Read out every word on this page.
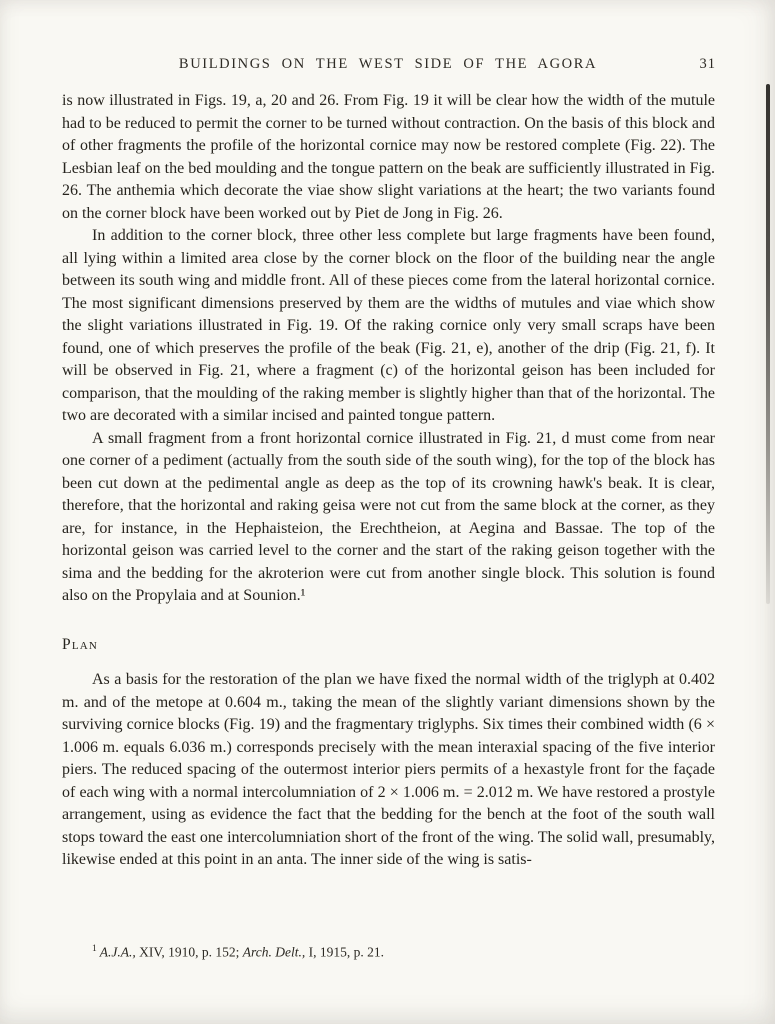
BUILDINGS ON THE WEST SIDE OF THE AGORA	31

is now illustrated in Figs. 19, a, 20 and 26. From Fig. 19 it will be clear how the width of the mutule had to be reduced to permit the corner to be turned without contraction. On the basis of this block and of other fragments the profile of the horizontal cornice may now be restored complete (Fig. 22). The Lesbian leaf on the bed moulding and the tongue pattern on the beak are sufficiently illustrated in Fig. 26. The anthemia which decorate the viae show slight variations at the heart; the two variants found on the corner block have been worked out by Piet de Jong in Fig. 26.

In addition to the corner block, three other less complete but large fragments have been found, all lying within a limited area close by the corner block on the floor of the building near the angle between its south wing and middle front. All of these pieces come from the lateral horizontal cornice. The most significant dimensions preserved by them are the widths of mutules and viae which show the slight variations illustrated in Fig. 19. Of the raking cornice only very small scraps have been found, one of which preserves the profile of the beak (Fig. 21, e), another of the drip (Fig. 21, f). It will be observed in Fig. 21, where a fragment (c) of the horizontal geison has been included for comparison, that the moulding of the raking member is slightly higher than that of the horizontal. The two are decorated with a similar incised and painted tongue pattern.

A small fragment from a front horizontal cornice illustrated in Fig. 21, d must come from near one corner of a pediment (actually from the south side of the south wing), for the top of the block has been cut down at the pedimental angle as deep as the top of its crowning hawk's beak. It is clear, therefore, that the horizontal and raking geisa were not cut from the same block at the corner, as they are, for instance, in the Hephaisteion, the Erechtheion, at Aegina and Bassae. The top of the horizontal geison was carried level to the corner and the start of the raking geison together with the sima and the bedding for the akroterion were cut from another single block. This solution is found also on the Propylaia and at Sounion.¹

Plan

As a basis for the restoration of the plan we have fixed the normal width of the triglyph at 0.402 m. and of the metope at 0.604 m., taking the mean of the slightly variant dimensions shown by the surviving cornice blocks (Fig. 19) and the fragmentary triglyphs. Six times their combined width (6 × 1.006 m. equals 6.036 m.) corresponds precisely with the mean interaxial spacing of the five interior piers. The reduced spacing of the outermost interior piers permits of a hexastyle front for the façade of each wing with a normal intercolumniation of 2 × 1.006 m. = 2.012 m. We have restored a prostyle arrangement, using as evidence the fact that the bedding for the bench at the foot of the south wall stops toward the east one intercolumniation short of the front of the wing. The solid wall, presumably, likewise ended at this point in an anta. The inner side of the wing is satis-

$^1$ A.J.A., XIV, 1910, p. 152; Arch. Delt., I, 1915, p. 21.
